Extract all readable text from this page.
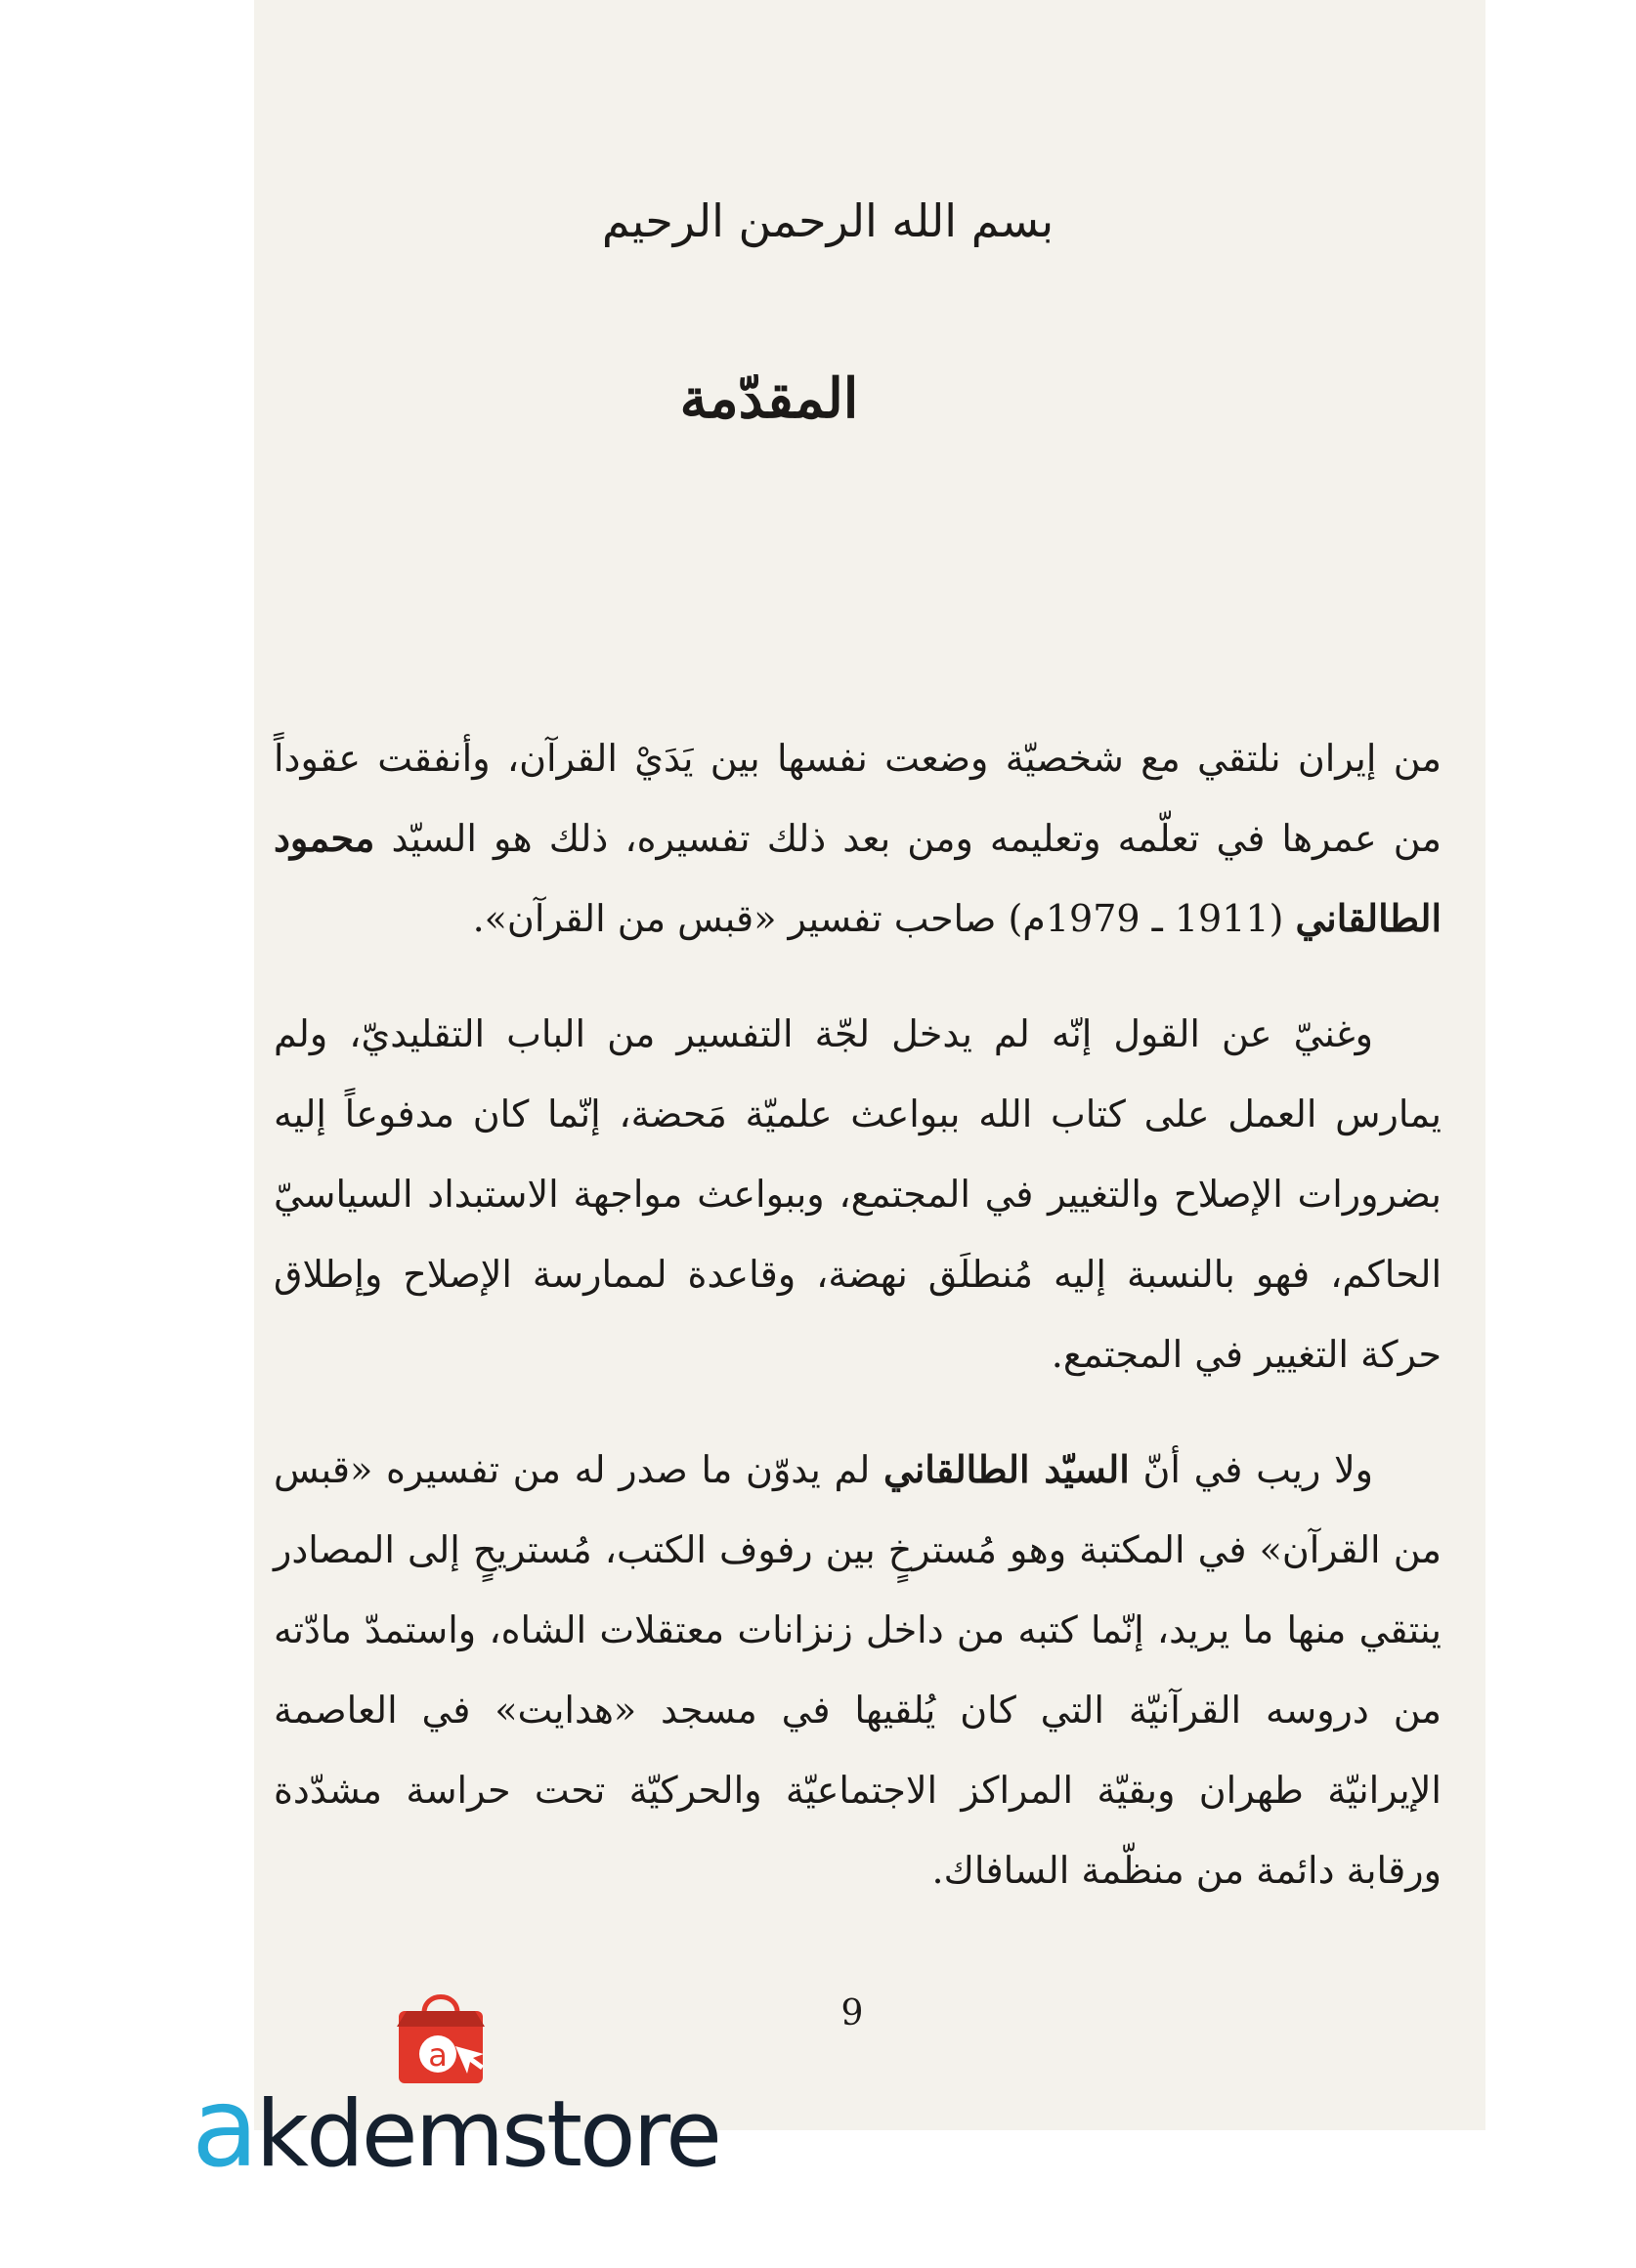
بسم الله الرحمن الرحيم
المقدّمة

من إيران نلتقي مع شخصيّة وضعت نفسها بين يَدَيْ القرآن، وأنفقت عقوداً من عمرها في تعلّمه وتعليمه ومن بعد ذلك تفسيره، ذلك هو السيّد محمود الطالقاني (1911 ـ 1979م) صاحب تفسير «قبس من القرآن».

وغنيّ عن القول إنّه لم يدخل لجّة التفسير من الباب التقليديّ، ولم يمارس العمل على كتاب الله ببواعث علميّة مَحضة، إنّما كان مدفوعاً إليه بضرورات الإصلاح والتغيير في المجتمع، وببواعث مواجهة الاستبداد السياسيّ الحاكم، فهو بالنسبة إليه مُنطلَق نهضة، وقاعدة لممارسة الإصلاح وإطلاق حركة التغيير في المجتمع.

ولا ريب في أنّ السيّد الطالقاني لم يدوّن ما صدر له من تفسيره «قبس من القرآن» في المكتبة وهو مُسترخٍ بين رفوف الكتب، مُستريحٍ إلى المصادر ينتقي منها ما يريد، إنّما كتبه من داخل زنزانات معتقلات الشاه، واستمدّ مادّته من دروسه القرآنيّة التي كان يُلقيها في مسجد «هدايت» في العاصمة الإيرانيّة طهران وبقيّة المراكز الاجتماعيّة والحركيّة تحت حراسة مشدّدة ورقابة دائمة من منظّمة السافاك.

9
a
akdemstore
